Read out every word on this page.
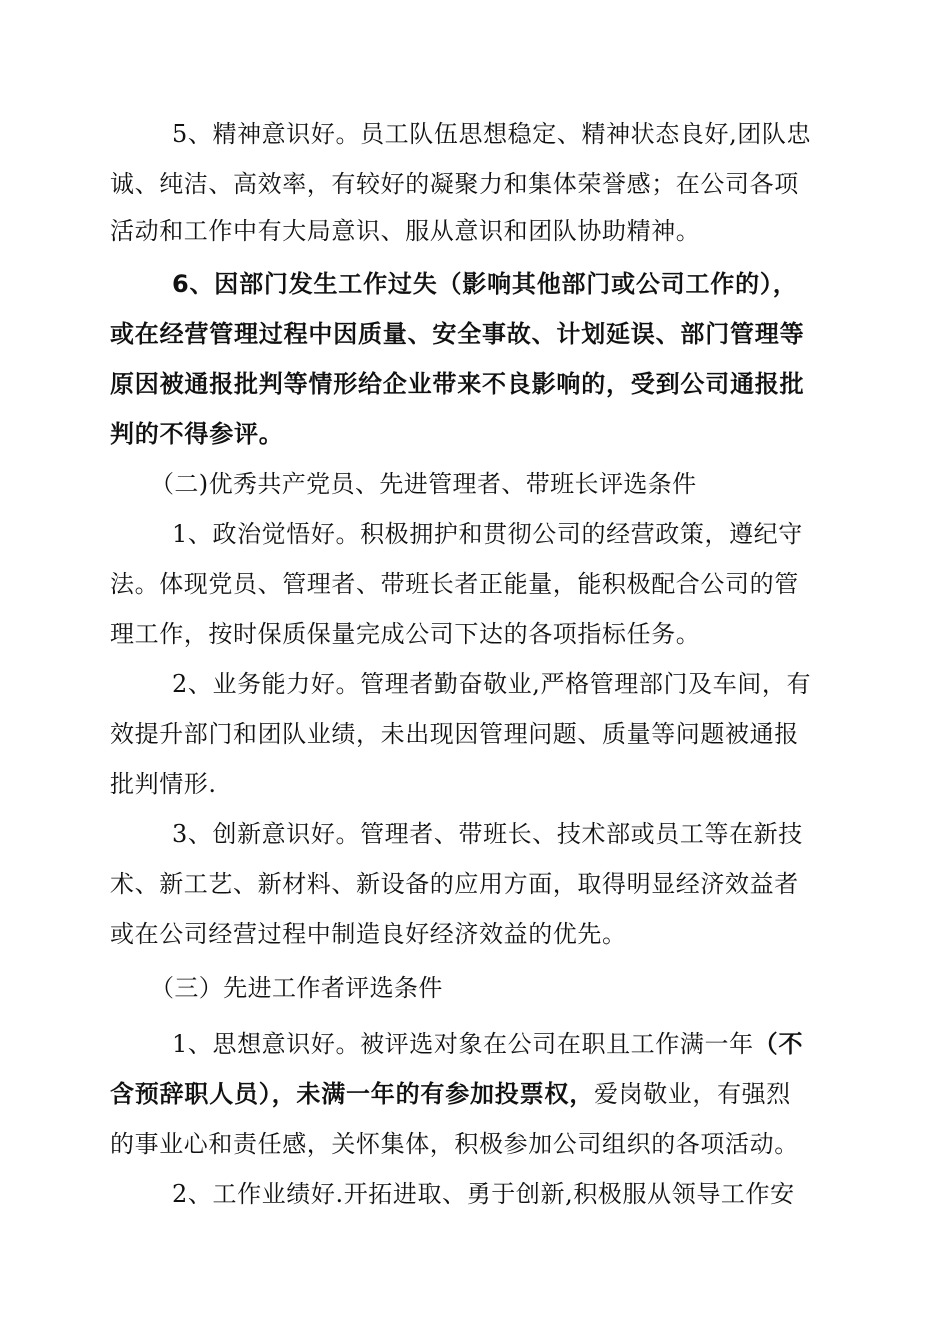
5、精神意识好。员工队伍思想稳定、精神状态良好,团队忠
诚、纯洁、高效率，有较好的凝聚力和集体荣誉感；在公司各项
活动和工作中有大局意识、服从意识和团队协助精神。
6、因部门发生工作过失（影响其他部门或公司工作的），
或在经营管理过程中因质量、安全事故、计划延误、部门管理等
原因被通报批判等情形给企业带来不良影响的，受到公司通报批
判的不得参评。
（二)优秀共产党员、先进管理者、带班长评选条件
1、政治觉悟好。积极拥护和贯彻公司的经营政策，遵纪守
法。体现党员、管理者、带班长者正能量，能积极配合公司的管
理工作，按时保质保量完成公司下达的各项指标任务。
2、业务能力好。管理者勤奋敬业,严格管理部门及车间，有
效提升部门和团队业绩，未出现因管理问题、质量等问题被通报
批判情形.
3、创新意识好。管理者、带班长、技术部或员工等在新技
术、新工艺、新材料、新设备的应用方面，取得明显经济效益者
或在公司经营过程中制造良好经济效益的优先。
（三）先进工作者评选条件
1、思想意识好。被评选对象在公司在职且工作满一年（不
含预辞职人员），未满一年的有参加投票权，爱岗敬业，有强烈
的事业心和责任感，关怀集体，积极参加公司组织的各项活动。
2、工作业绩好.开拓进取、勇于创新,积极服从领导工作安
